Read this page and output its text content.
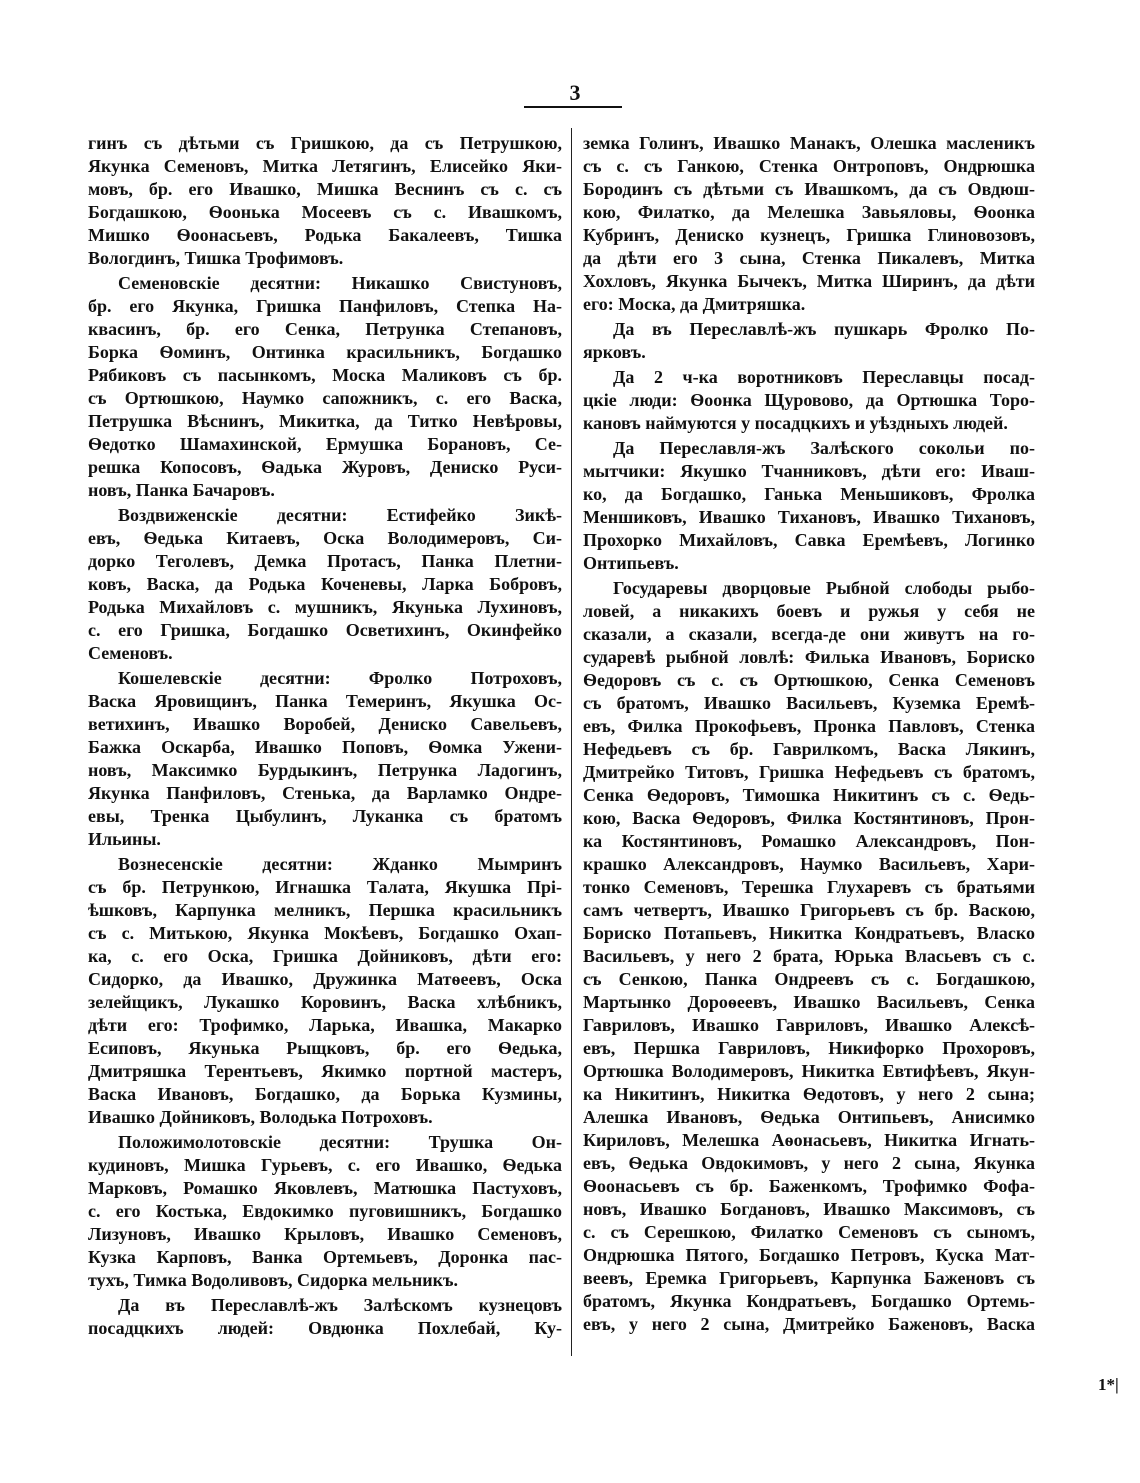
3
гинъ съ дѣтьми съ Гришкою, да съ Петрушкою,
Якунка Семеновъ, Митка Летягинъ, Елисейко Яки-
мовъ, бр. его Ивашко, Мишка Веснинъ съ с. съ
Богдашкою, Ѳоонька Мосеевъ съ с. Ивашкомъ,
Мишко Ѳоонасьевъ, Родька Бакалеевъ, Тишка
Вологдинъ, Тишка Трофимовъ.
Семеновскіе десятни: Никашко Свистуновъ,
бр. его Якунка, Гришка Панфиловъ, Степка На-
квасинъ, бр. его Сенка, Петрунка Степановъ,
Борка Ѳоминъ, Онтинка красильникъ, Богдашко
Рябиковъ съ пасынкомъ, Моска Маликовъ съ бр.
съ Ортюшкою, Наумко сапожникъ, с. его Васка,
Петрушка Вѣснинъ, Микитка, да Титко Невѣровы,
Ѳедотко Шамахинской, Ермушка Борановъ, Се-
решка Копосовъ, Ѳадька Журовъ, Дениско Руси-
новъ, Панка Бачаровъ.
Воздвиженскіе десятни: Естифейко Зикѣ-
евъ, Ѳедька Китаевъ, Оска Володимеровъ, Си-
дорко Теголевъ, Демка Протасъ, Панка Плетни-
ковъ, Васка, да Родька Коченевы, Ларка Бобровъ,
Родька Михайловъ с. мушникъ, Якунька Лухиновъ,
с. его Гришка, Богдашко Осветихинъ, Окинфейко
Семеновъ.
Кошелевскіе десятни: Фролко Потроховъ,
Васка Яровищинъ, Панка Темеринъ, Якушка Ос-
ветихинъ, Ивашко Воробей, Дениско Савельевъ,
Бажка Оскарба, Ивашко Поповъ, Ѳомка Ужени-
новъ, Максимко Бурдыкинъ, Петрунка Ладогинъ,
Якунка Панфиловъ, Стенька, да Варламко Ондре-
евы, Тренка Цыбулинъ, Луканка съ братомъ
Ильины.
Вознесенскіе десятни: Жданко Мымринъ
съ бр. Петрункою, Игнашка Талата, Якушка Прі-
ѣшковъ, Карпунка мелникъ, Першка красильникъ
съ с. Митькою, Якунка Мокѣевъ, Богдашко Охап-
ка, с. его Оска, Гришка Дойниковъ, дѣти его:
Сидорко, да Ивашко, Дружинка Матѳеевъ, Оска
зелейщикъ, Лукашко Коровинъ, Васка хлѣбникъ,
дѣти его: Трофимко, Ларька, Ивашка, Макарко
Есиповъ, Якунька Рыщковъ, бр. его Ѳедька,
Дмитряшка Терентьевъ, Якимко портной мастеръ,
Васка Ивановъ, Богдашко, да Борька Кузмины,
Ивашко Дойниковъ, Володька Потроховъ.
Положимолотовскіе десятни: Трушка Он-
кудиновъ, Мишка Гурьевъ, с. его Ивашко, Ѳедька
Марковъ, Ромашко Яковлевъ, Матюшка Пастуховъ,
с. его Костька, Евдокимко пуговишникъ, Богдашко
Лизуновъ, Ивашко Крыловъ, Ивашко Семеновъ,
Кузка Карповъ, Ванка Ортемьевъ, Доронка пас-
тухъ, Тимка Водоливовъ, Сидорка мельникъ.
Да въ Переславлѣ-жъ Залѣскомъ кузнецовъ
посадцкихъ людей: Овдюнка Похлебай, Ку-
земка Голинъ, Ивашко Манакъ, Олешка масленикъ
съ с. съ Ганкою, Стенка Онтроповъ, Ондрюшка
Бородинъ съ дѣтьми съ Ивашкомъ, да съ Овдюш-
кою, Филатко, да Мелешка Завьяловы, Ѳоонка
Кубринъ, Дениско кузнецъ, Гришка Глиновозовъ,
да дѣти его 3 сына, Стенка Пикалевъ, Митка
Хохловъ, Якунка Бычекъ, Митка Ширинъ, да дѣти
его: Моска, да Дмитряшка.
Да въ Переславлѣ-жъ пушкарь Фролко По-
ярковъ.
Да 2 ч-ка воротниковъ Переславцы посад-
цкіе люди: Ѳоонка Щуровово, да Ортюшка Торо-
кановъ наймуются у посадцкихъ и уѣздныхъ людей.
Да Переславля-жъ Залѣского сокольи по-
мытчики: Якушко Тчанниковъ, дѣти его: Иваш-
ко, да Богдашко, Ганька Меньшиковъ, Фролка
Меншиковъ, Ивашко Тихановъ, Ивашко Тихановъ,
Прохорко Михайловъ, Савка Еремѣевъ, Логинко
Онтипьевъ.
Государевы дворцовые Рыбной слободы рыбо-
ловей, а никакихъ боевъ и ружья у себя не
сказали, а сказали, всегда-де они живутъ на го-
сударевѣ рыбной ловлѣ: Филька Ивановъ, Бориско
Ѳедоровъ съ с. съ Ортюшкою, Сенка Семеновъ
съ братомъ, Ивашко Васильевъ, Куземка Еремѣ-
евъ, Филка Прокофьевъ, Пронка Павловъ, Стенка
Нефедьевъ съ бр. Гаврилкомъ, Васка Лякинъ,
Дмитрейко Титовъ, Гришка Нефедьевъ съ братомъ,
Сенка Ѳедоровъ, Тимошка Никитинъ съ с. Ѳедь-
кою, Васка Ѳедоровъ, Филка Костянтиновъ, Прон-
ка Костянтиновъ, Ромашко Александровъ, Пон-
крашко Александровъ, Наумко Васильевъ, Хари-
тонко Семеновъ, Терешка Глухаревъ съ братьями
самъ четвертъ, Ивашко Григорьевъ съ бр. Васкою,
Бориско Потапьевъ, Никитка Кондратьевъ, Власко
Васильевъ, у него 2 брата, Юрька Власьевъ съ с.
съ Сенкою, Панка Ондреевъ съ с. Богдашкою,
Мартынко Дороѳеевъ, Ивашко Васильевъ, Сенка
Гавриловъ, Ивашко Гавриловъ, Ивашко Алексѣ-
евъ, Першка Гавриловъ, Никифорко Прохоровъ,
Ортюшка Володимеровъ, Никитка Евтифѣевъ, Якун-
ка Никитинъ, Никитка Ѳедотовъ, у него 2 сына;
Алешка Ивановъ, Ѳедька Онтипьевъ, Анисимко
Кириловъ, Мелешка Аѳонасьевъ, Никитка Игнать-
евъ, Ѳедька Овдокимовъ, у него 2 сына, Якунка
Ѳоонасьевъ съ бр. Баженкомъ, Трофимко Фофа-
новъ, Ивашко Богдановъ, Ивашко Максимовъ, съ
с. съ Серешкою, Филатко Семеновъ съ сыномъ,
Ондрюшка Пятого, Богдашко Петровъ, Куска Мат-
веевъ, Еремка Григорьевъ, Карпунка Баженовъ съ
братомъ, Якунка Кондратьевъ, Богдашко Ортемь-
евъ, у него 2 сына, Дмитрейко Баженовъ, Васка
1*|
